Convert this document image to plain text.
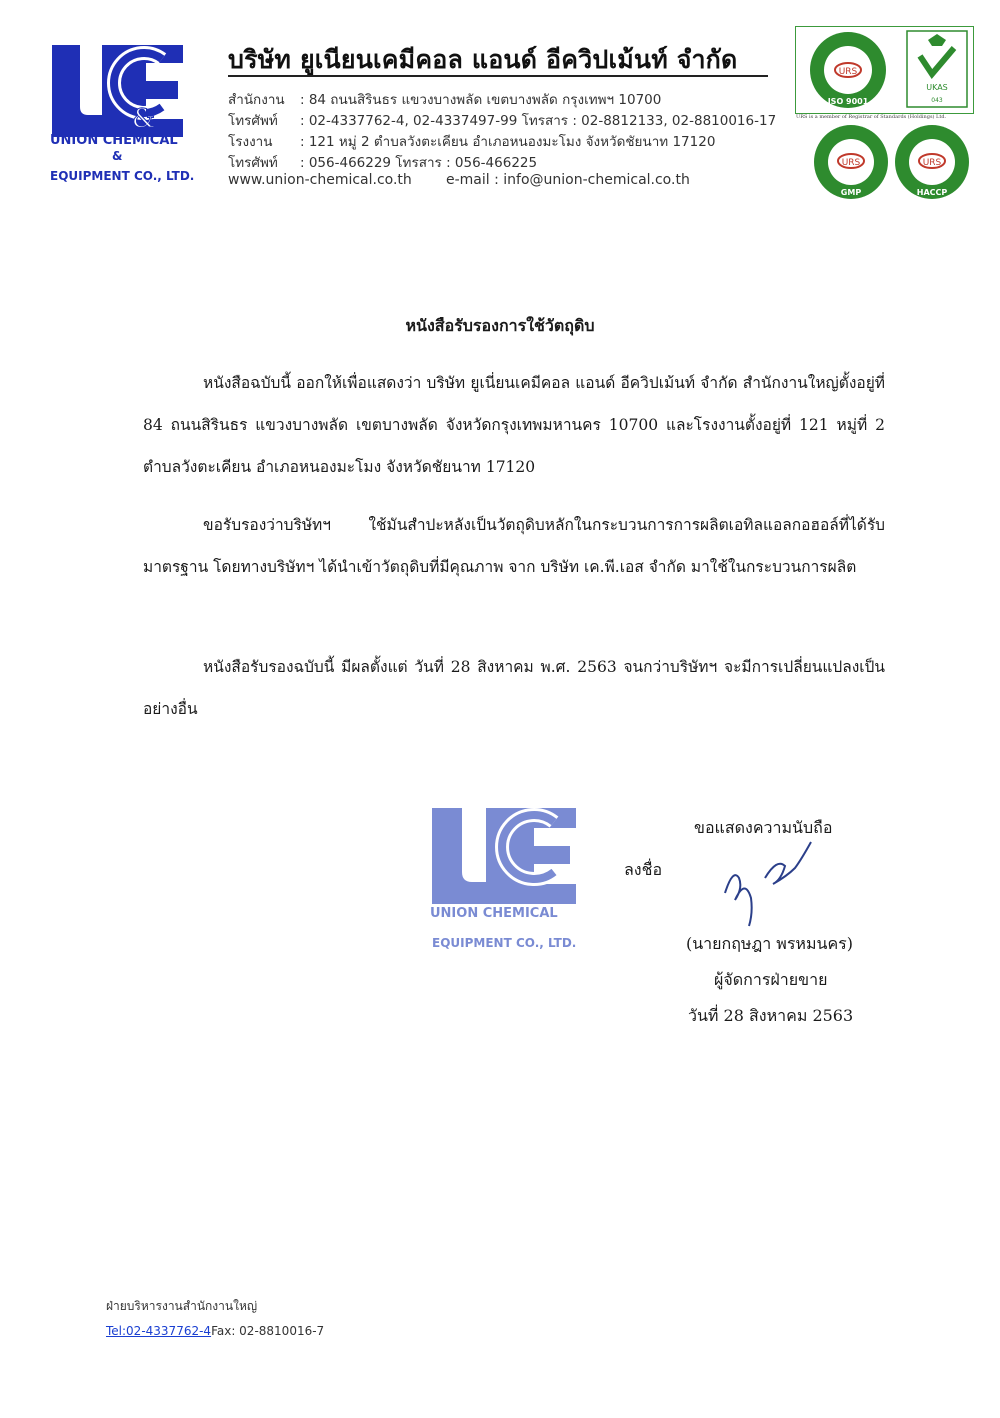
&
UNION CHEMICAL
&
EQUIPMENT CO., LTD.
บริษัท ยูเนียนเคมีคอล แอนด์ อีควิปเม้นท์ จำกัด
สำนักงาน : 84 ถนนสิรินธร แขวงบางพลัด เขตบางพลัด กรุงเทพฯ 10700
โทรศัพท์ : 02-4337762-4, 02-4337497-99 โทรสาร : 02-8812133, 02-8810016-17
โรงงาน : 121 หมู่ 2 ตำบลวังตะเคียน อำเภอหนองมะโมง จังหวัดชัยนาท 17120
โทรศัพท์ : 056-466229 โทรสาร : 056-466225
www.union-chemical.co.th e-mail : info@union-chemical.co.th
URS
ISO 9001
UKAS
043
URS is a member of Registrar of Standards (Holdings) Ltd.
URS
GMP
URS
HACCP
หนังสือรับรองการใช้วัตถุดิบ

หนังสือฉบับนี้ ออกให้เพื่อแสดงว่า บริษัท ยูเนี่ยนเคมีคอล แอนด์ อีควิปเม้นท์ จำกัด สำนักงานใหญ่ตั้งอยู่ที่ 84 ถนนสิรินธร แขวงบางพลัด เขตบางพลัด จังหวัดกรุงเทพมหานคร 10700 และโรงงานตั้งอยู่ที่ 121 หมู่ที่ 2 ตำบลวังตะเคียน อำเภอหนองมะโมง จังหวัดชัยนาท 17120

ขอรับรองว่าบริษัทฯ ใช้มันสำปะหลังเป็นวัตถุดิบหลักในกระบวนการการผลิตเอทิลแอลกอฮอล์ที่ได้รับมาตรฐาน โดยทางบริษัทฯ ได้นำเข้าวัตถุดิบที่มีคุณภาพ จาก บริษัท เค.พี.เอส จำกัด มาใช้ในกระบวนการผลิต

หนังสือรับรองฉบับนี้ มีผลตั้งแต่ วันที่ 28 สิงหาคม พ.ศ. 2563 จนกว่าบริษัทฯ จะมีการเปลี่ยนแปลงเป็นอย่างอื่น

UNION CHEMICAL
EQUIPMENT CO., LTD.
ขอแสดงความนับถือ
ลงชื่อ
(นายกฤษฎา พรหมนคร)
ผู้จัดการฝ่ายขาย
วันที่ 28 สิงหาคม 2563
ฝ่ายบริหารงานสำนักงานใหญ่
Tel:02-4337762-4Fax: 02-8810016-7
